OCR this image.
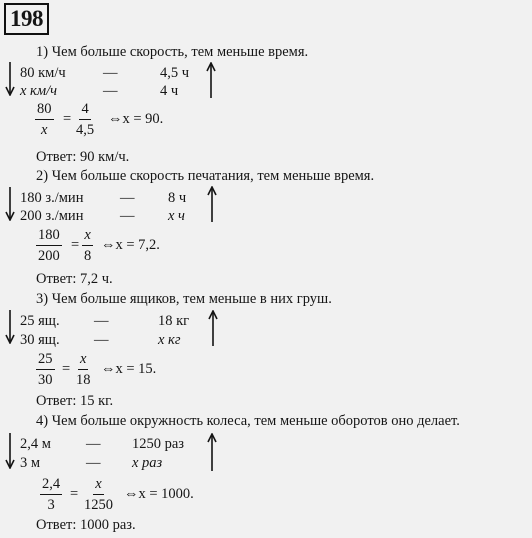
198
1) Чем больше скорость, тем меньше время.
80 км/ч	—	4,5 ч
x км/ч	—	4 ч
$\frac{80}{x} = \frac{4}{4,5}$ ⇔x = 90.
Ответ: 90 км/ч.
2) Чем больше скорость печатания, тем меньше время.
180 з./мин	— 8 ч
200 з./мин	— x ч
$\frac{180}{200} = \frac{x}{8}$ ⇔x = 7,2.
Ответ: 7,2 ч.
3) Чем больше ящиков, тем меньше в них груш.
25 ящ. —	18 кг
30 ящ. —	x кг
$\frac{25}{30} = \frac{x}{18}$ ⇔x = 15.
Ответ: 15 кг.
4) Чем больше окружность колеса, тем меньше оборотов оно делает.
2,4 м — 1250 раз
3 м	— x раз
$\frac{2,4}{3} = \frac{x}{1250}$ ⇔x = 1000.
Ответ: 1000 раз.
